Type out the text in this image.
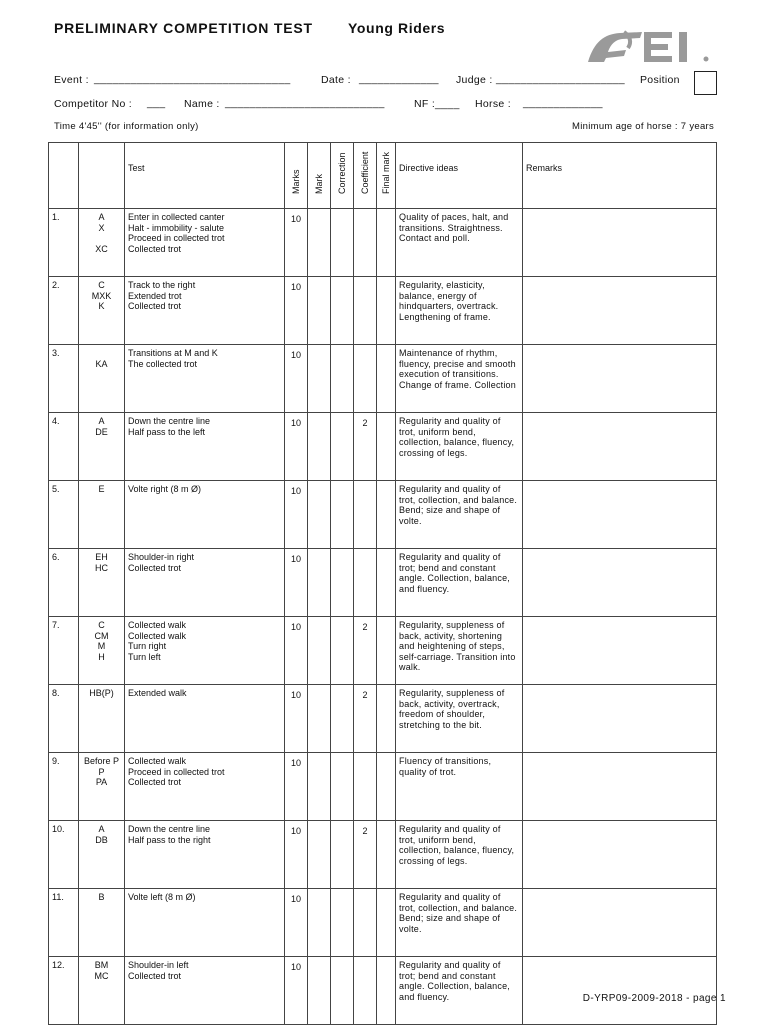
PRELIMINARY COMPETITION TEST	Young Riders
Event : ________________________________	Date : _____________ Judge : _____________________ Position
Competitor No : ___ Name : __________________________	NF :____ Horse : _____________
Time 4'45'' (for information only)	Minimum age of horse : 7 years
		Test	Marks	Mark	Correction	Coefficient	Final mark	Directive ideas	Remarks
1.	A
X

XC	Enter in collected canter
Halt - immobility - salute
Proceed in collected trot
Collected trot	10					Quality of paces, halt, and transitions. Straightness. Contact and poll.	
2.	C
MXK
K	Track to the right
Extended trot
Collected trot	10					Regularity, elasticity, balance, energy of hindquarters, overtrack. Lengthening of frame.	
3.	
KA	Transitions at M and K
The collected trot	10					Maintenance of rhythm, fluency, precise and smooth execution of transitions. Change of frame. Collection	
4.	A
DE	Down the centre line
Half pass to the left	10			2		Regularity and quality of trot, uniform bend, collection, balance, fluency, crossing of legs.	
5.	E	Volte right (8 m Ø)	10					Regularity and quality of trot, collection, and balance. Bend; size and shape of volte.	
6.	EH
HC	Shoulder-in right
Collected trot	10					Regularity and quality of trot; bend and constant angle. Collection, balance, and fluency.	
7.	C
CM
M
H	Collected walk
Collected walk
Turn right
Turn left	10			2		Regularity, suppleness of back, activity, shortening and heightening of steps, self-carriage. Transition into walk.	
8.	HB(P)	Extended walk	10			2		Regularity, suppleness of back, activity, overtrack, freedom of shoulder, stretching to the bit.	
9.	Before P
P
PA	Collected walk
Proceed in collected trot
Collected trot	10					Fluency of transitions, quality of trot.	
10.	A
DB	Down the centre line
Half pass to the right	10			2		Regularity and quality of trot, uniform bend, collection, balance, fluency, crossing of legs.	
11.	B	Volte left (8 m Ø)	10					Regularity and quality of trot, collection, and balance. Bend; size and shape of volte.	
12.	BM
MC	Shoulder-in left
Collected trot	10					Regularity and quality of trot; bend and constant angle. Collection, balance, and fluency.		D-YRP09-2009-2018 - page 1
